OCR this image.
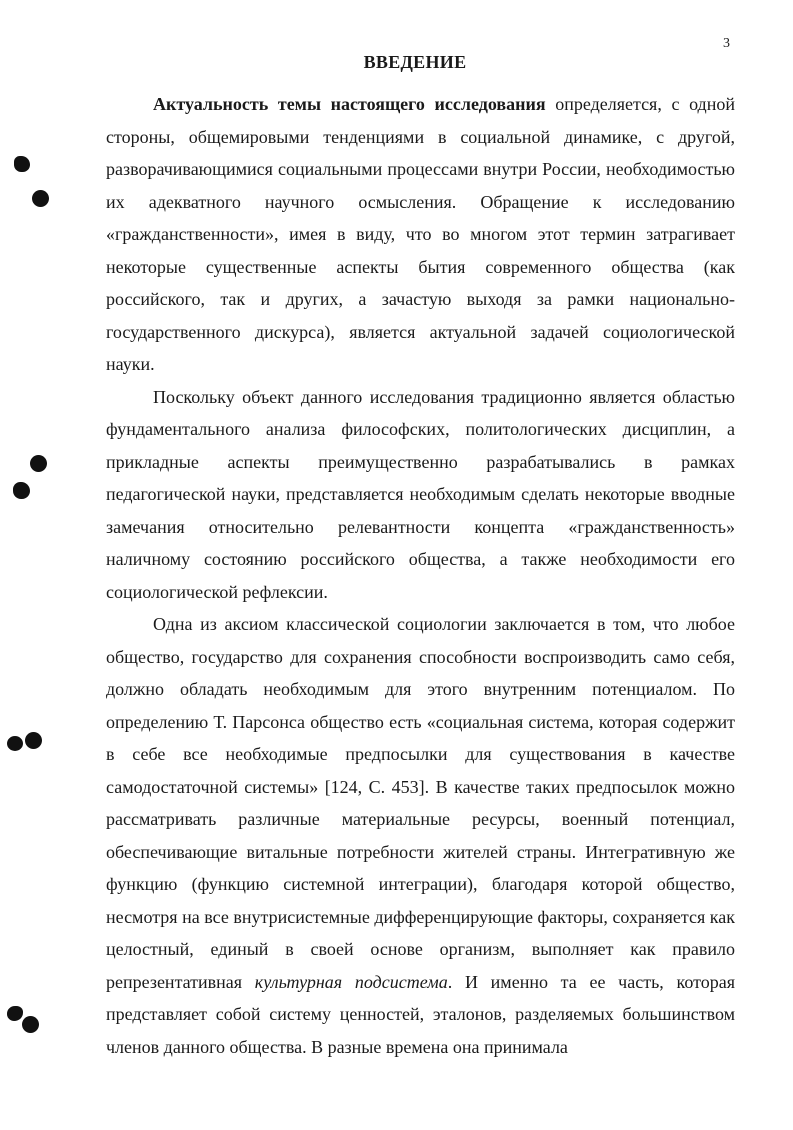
3
ВВЕДЕНИЕ

Актуальность темы настоящего исследования определяется, с одной стороны, общемировыми тенденциями в социальной динамике, с другой, разворачивающимися социальными процессами внутри России, необходимостью их адекватного научного осмысления. Обращение к исследованию «гражданственности», имея в виду, что во многом этот термин затрагивает некоторые существенные аспекты бытия современного общества (как российского, так и других, а зачастую выходя за рамки национально-государственного дискурса), является актуальной задачей социологической науки.

Поскольку объект данного исследования традиционно является областью фундаментального анализа философских, политологических дисциплин, а прикладные аспекты преимущественно разрабатывались в рамках педагогической науки, представляется необходимым сделать некоторые вводные замечания относительно релевантности концепта «гражданственность» наличному состоянию российского общества, а также необходимости его социологической рефлексии.

Одна из аксиом классической социологии заключается в том, что любое общество, государство для сохранения способности воспроизводить само себя, должно обладать необходимым для этого внутренним потенциалом. По определению Т. Парсонса общество есть «социальная система, которая содержит в себе все необходимые предпосылки для существования в качестве самодостаточной системы» [124, С. 453]. В качестве таких предпосылок можно рассматривать различные материальные ресурсы, военный потенциал, обеспечивающие витальные потребности жителей страны. Интегративную же функцию (функцию системной интеграции), благодаря которой общество, несмотря на все внутрисистемные дифференцирующие факторы, сохраняется как целостный, единый в своей основе организм, выполняет как правило репрезентативная культурная подсистема. И именно та ее часть, которая представляет собой систему ценностей, эталонов, разделяемых большинством членов данного общества. В разные времена она принимала
